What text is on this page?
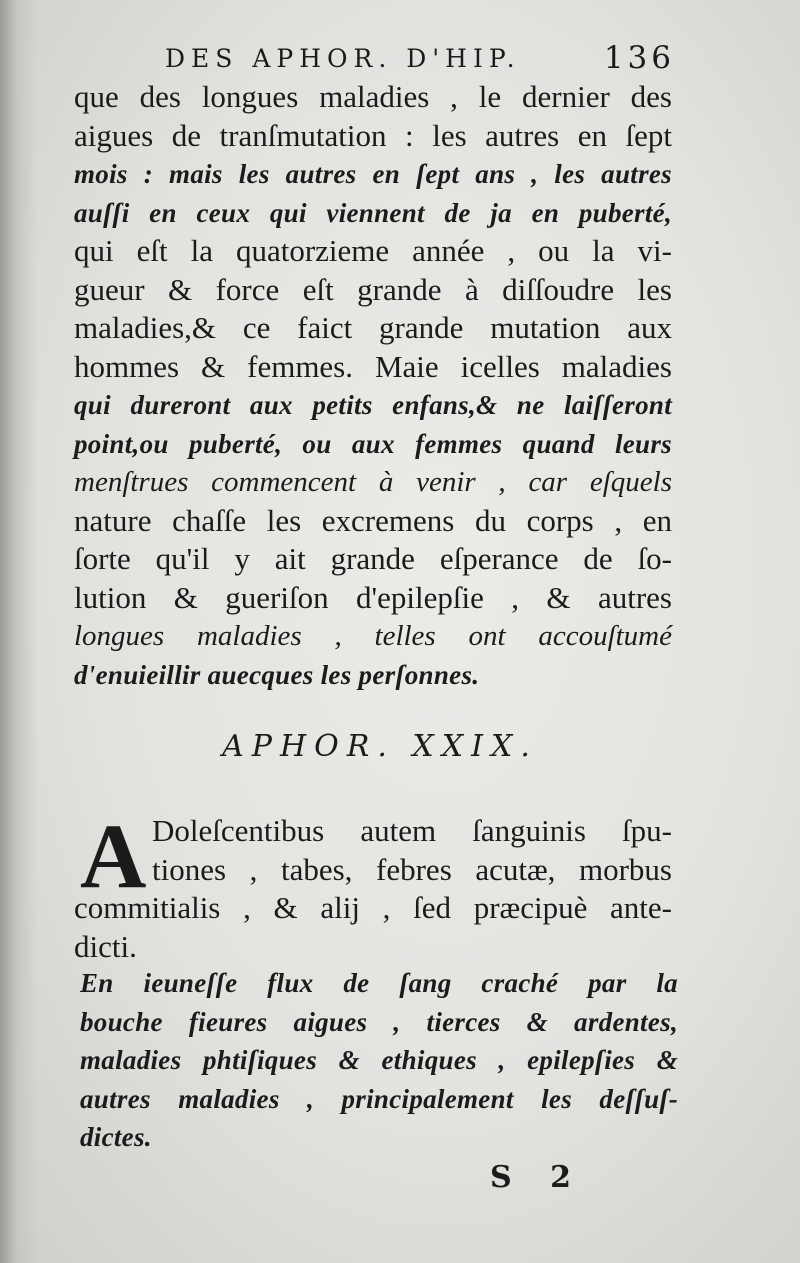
DES APHOR. D'HIP.	136
que des longues maladies , le dernier des
aigues de tranſmutation : les autres en ſept
mois : mais les autres en ſept ans , les autres
auſſi en ceux qui viennent de ja en puberté,
qui eſt la quatorzieme année , ou la vi-
gueur & force eſt grande à diſſoudre les
maladies,& ce faict grande mutation aux
hommes & femmes. Maie icelles maladies
qui dureront aux petits enfans,& ne laiſſeront
point,ou puberté, ou aux femmes quand leurs
menſtrues commencent à venir , car eſquels
nature chaſſe les excremens du corps , en
ſorte qu'il y ait grande eſperance de ſo-
lution & gueriſon d'epilepſie , & autres
longues maladies , telles ont accouſtumé
d'enuieillir auecques les perſonnes.
APHOR. XXIX.
A Doleſcentibus autem ſanguinis ſpu-
tiones , tabes, febres acutæ, morbus
commitialis , & alij , ſed præcipuè ante-
dicti.
En ieuneſſe flux de ſang craché par la
bouche fieures aigues , tierces & ardentes,
maladies phtiſiques & ethiques , epilepſies &
autres maladies , principalement les deſſuſ-
dictes.
S 2
